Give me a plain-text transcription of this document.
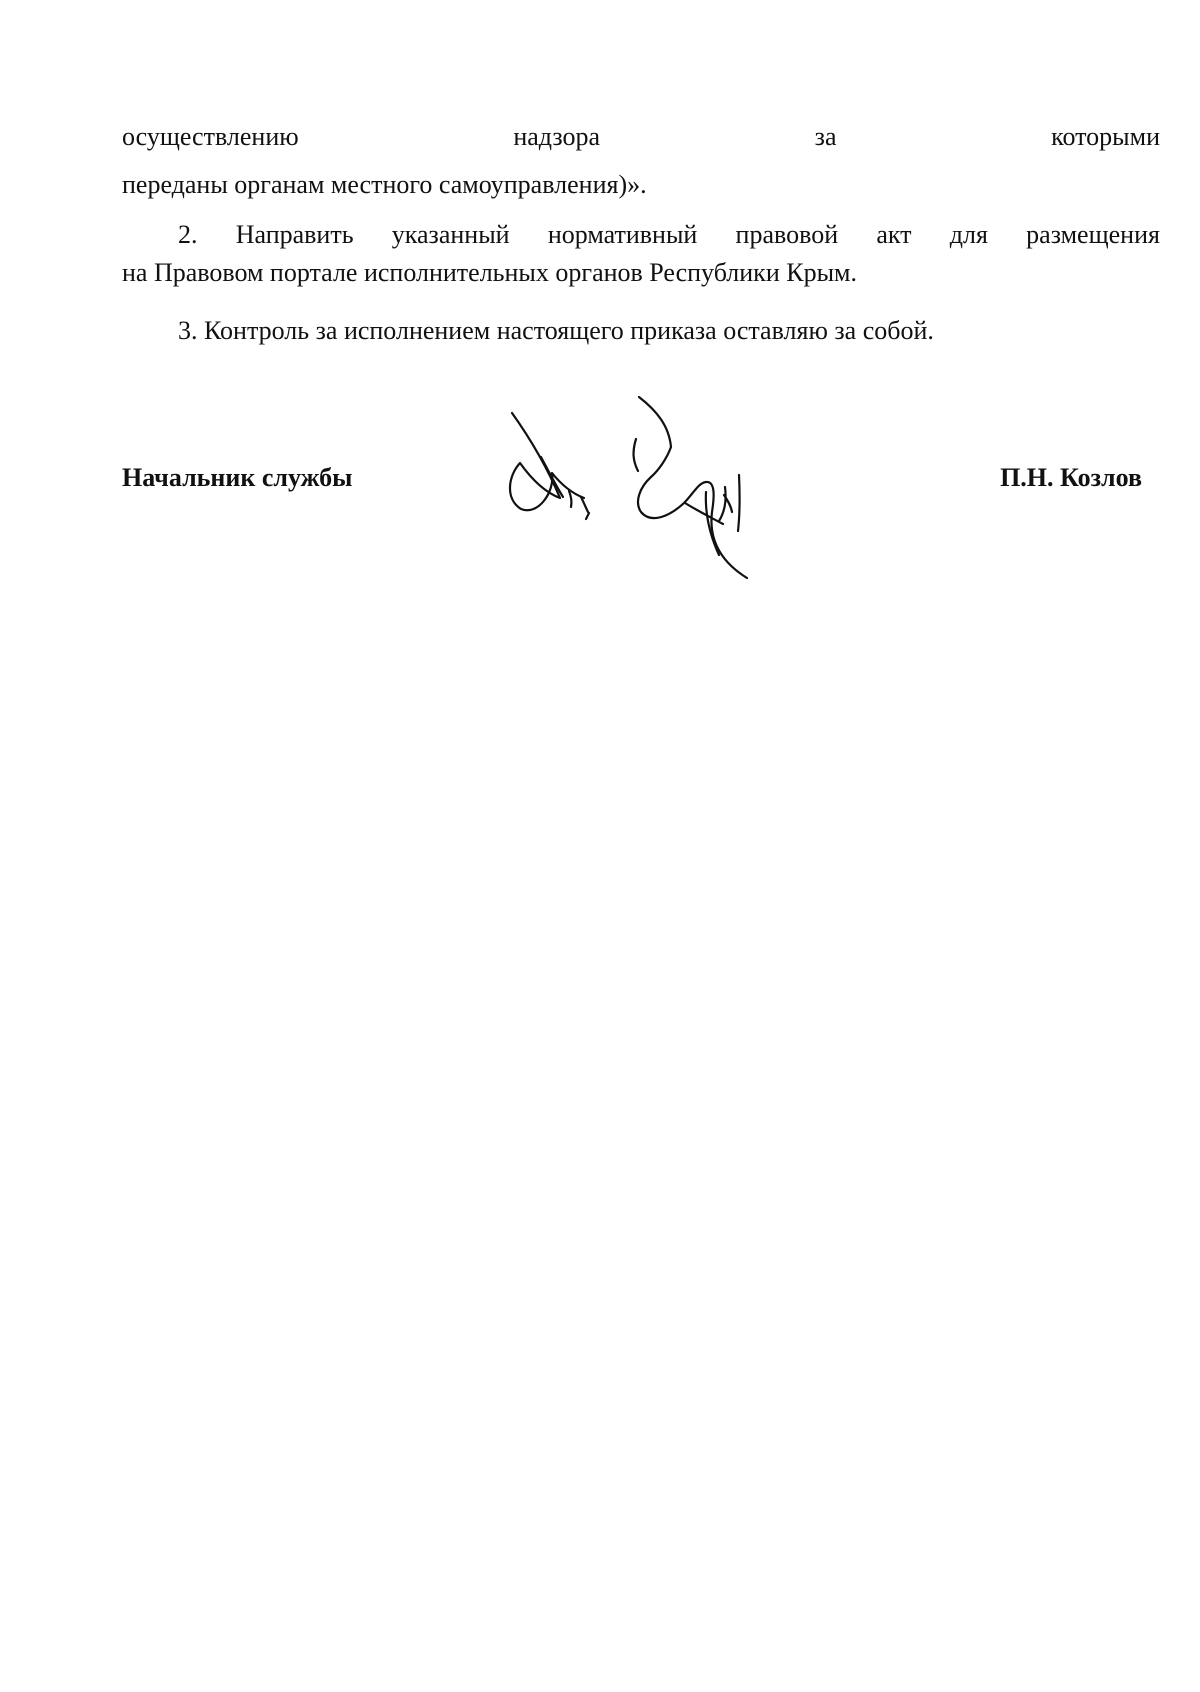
осуществлению	надзора	за	которыми
переданы органам местного самоуправления)».
2. Направить указанный нормативный правовой акт для размещения
на Правовом портале исполнительных органов Республики Крым.
3. Контроль за исполнением настоящего приказа оставляю за собой.
Начальник службы	П.Н. Козлов
